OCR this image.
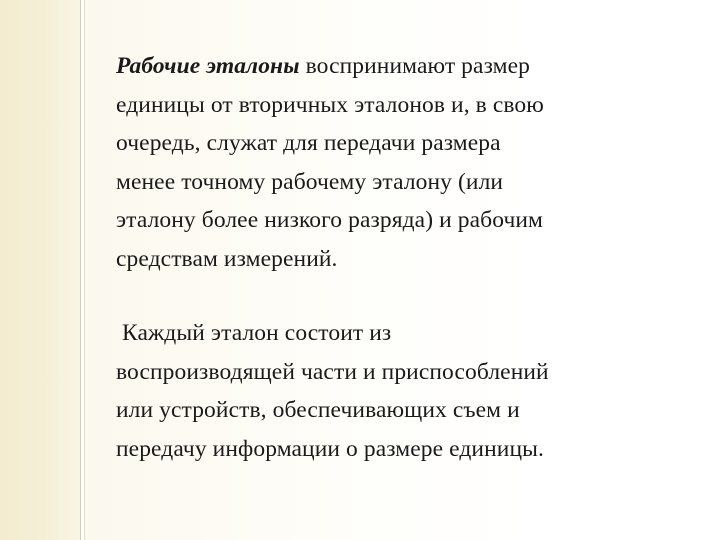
Рабочие эталоны воспринимают размер
единицы от вторичных эталонов и, в свою
очередь, служат для передачи размера
менее точному рабочему эталону (или
эталону более низкого разряда) и рабочим
средствам измерений.
Каждый эталон состоит из
воспроизводящей части и приспособлений
или устройств, обеспечивающих съем и
передачу информации о размере единицы.
